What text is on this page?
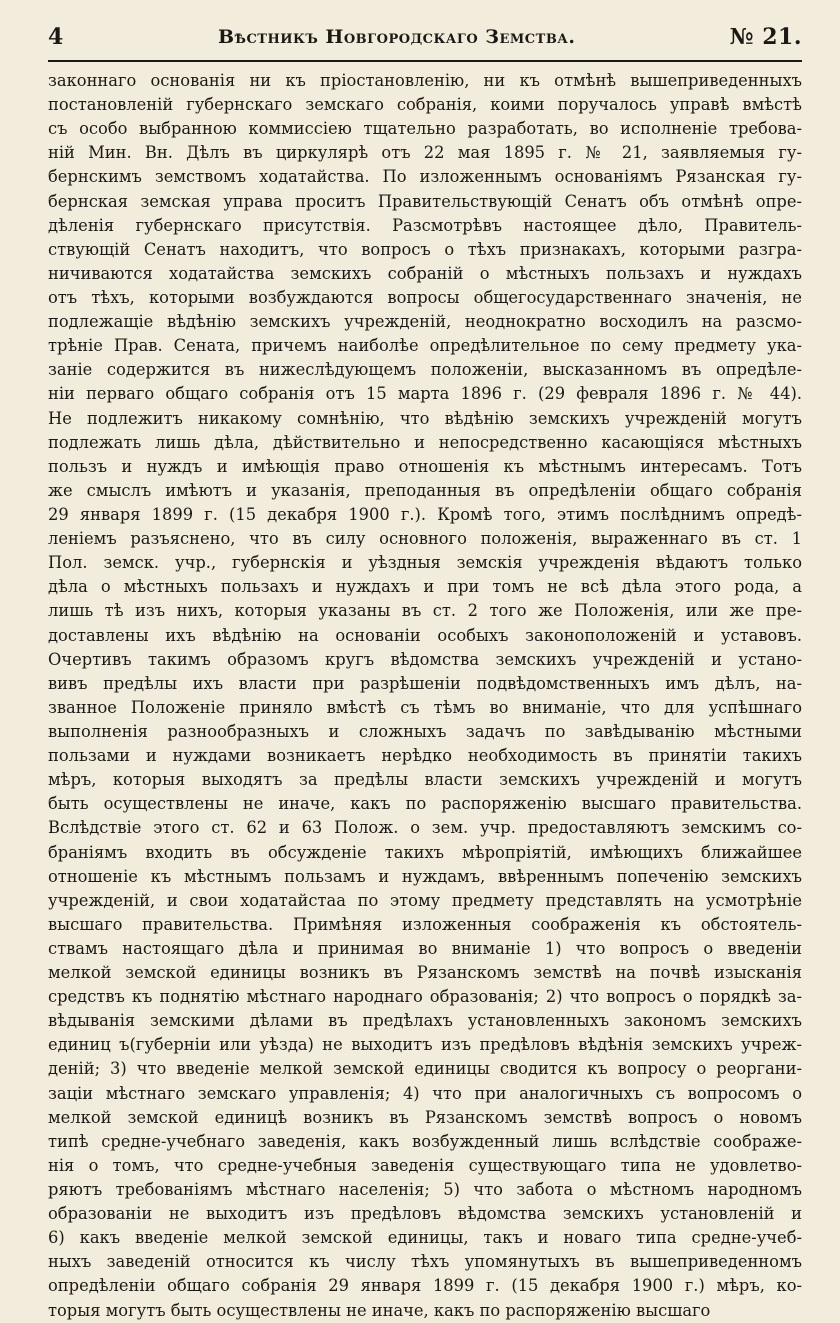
4	Вѣстникъ Новгородскаго Земства.	№ 21.
законнаго основанія ни къ пріостановленію, ни къ отмѣнѣ вышеприведенныхъ
постановленій губернскаго земскаго собранія, коими поручалось управѣ вмѣстѣ
съ особо выбранною коммиссіею тщательно разработать, во исполненіе требова-
ній Мин. Вн. Дѣлъ въ циркулярѣ отъ 22 мая 1895 г. № 21, заявляемыя гу-
бернскимъ земствомъ ходатайства. По изложеннымъ основаніямъ Рязанская гу-
бернская земская управа проситъ Правительствующій Сенатъ объ отмѣнѣ опре-
дѣленія губернскаго присутствія. Разсмотрѣвъ настоящее дѣло, Правитель-
ствующій Сенатъ находитъ, что вопросъ о тѣхъ признакахъ, которыми разгра-
ничиваются ходатайства земскихъ собраній о мѣстныхъ пользахъ и нуждахъ
отъ тѣхъ, которыми возбуждаются вопросы общегосударственнаго значенія, не
подлежащіе вѣдѣнію земскихъ учрежденій, неоднократно восходилъ на разсмо-
трѣніе Прав. Сената, причемъ наиболѣе опредѣлительное по сему предмету ука-
заніе содержится въ нижеслѣдующемъ положеніи, высказанномъ въ опредѣле-
ніи перваго общаго собранія отъ 15 марта 1896 г. (29 февраля 1896 г. № 44).
Не подлежитъ никакому сомнѣнію, что вѣдѣнію земскихъ учрежденій могутъ
подлежать лишь дѣла, дѣйствительно и непосредственно касающіяся мѣстныхъ
пользъ и нуждъ и имѣющія право отношенія къ мѣстнымъ интересамъ. Тотъ
же смыслъ имѣютъ и указанія, преподанныя въ опредѣленіи общаго собранія
29 января 1899 г. (15 декабря 1900 г.). Кромѣ того, этимъ послѣднимъ опредѣ-
леніемъ разъяснено, что въ силу основного положенія, выраженнаго въ ст. 1
Пол. земск. учр., губернскія и уѣздныя земскія учрежденія вѣдаютъ только
дѣла о мѣстныхъ пользахъ и нуждахъ и при томъ не всѣ дѣла этого рода, а
лишь тѣ изъ нихъ, которыя указаны въ ст. 2 того же Положенія, или же пре-
доставлены ихъ вѣдѣнію на основаніи особыхъ законоположеній и уставовъ.
Очертивъ такимъ образомъ кругъ вѣдомства земскихъ учрежденій и устано-
вивъ предѣлы ихъ власти при разрѣшеніи подвѣдомственныхъ имъ дѣлъ, на-
званное Положеніе приняло вмѣстѣ съ тѣмъ во вниманіе, что для успѣшнаго
выполненія разнообразныхъ и сложныхъ задачъ по завѣдыванію мѣстными
пользами и нуждами возникаетъ нерѣдко необходимость въ принятіи такихъ
мѣръ, которыя выходятъ за предѣлы власти земскихъ учрежденій и могутъ
быть осуществлены не иначе, какъ по распоряженію высшаго правительства.
Вслѣдствіе этого ст. 62 и 63 Полож. о зем. учр. предоставляютъ земскимъ со-
браніямъ входить въ обсужденіе такихъ мѣропріятій, имѣющихъ ближайшее
отношеніе къ мѣстнымъ пользамъ и нуждамъ, ввѣреннымъ попеченію земскихъ
учрежденій, и свои ходатайстаа по этому предмету представлять на усмотрѣніе
высшаго правительства. Примѣняя изложенныя соображенія къ обстоятель-
ствамъ настоящаго дѣла и принимая во вниманіе 1) что вопросъ о введеніи
мелкой земской единицы возникъ въ Рязанскомъ земствѣ на почвѣ изысканія
средствъ къ поднятію мѣстнаго народнаго образованія; 2) что вопросъ о порядкѣ за-
вѣдыванія земскими дѣлами въ предѣлахъ установленныхъ закономъ земскихъ
единиц ъ(губерніи или уѣзда) не выходитъ изъ предѣловъ вѣдѣнія земскихъ учреж-
деній; 3) что введеніе мелкой земской единицы сводится къ вопросу о реоргани-
заціи мѣстнаго земскаго управленія; 4) что при аналогичныхъ съ вопросомъ о
мелкой земской единицѣ возникъ въ Рязанскомъ земствѣ вопросъ о новомъ
типѣ средне-учебнаго заведенія, какъ возбужденный лишь вслѣдствіе соображе-
нія о томъ, что средне-учебныя заведенія существующаго типа не удовлетво-
ряютъ требованіямъ мѣстнаго населенія; 5) что забота о мѣстномъ народномъ
образованіи не выходитъ изъ предѣловъ вѣдомства земскихъ установленій и
6) какъ введеніе мелкой земской единицы, такъ и новаго типа средне-учеб-
ныхъ заведеній относится къ числу тѣхъ упомянутыхъ въ вышеприведенномъ
опредѣленіи общаго собранія 29 января 1899 г. (15 декабря 1900 г.) мѣръ, ко-
торыя могутъ быть осуществлены не иначе, какъ по распоряженію высшаго
